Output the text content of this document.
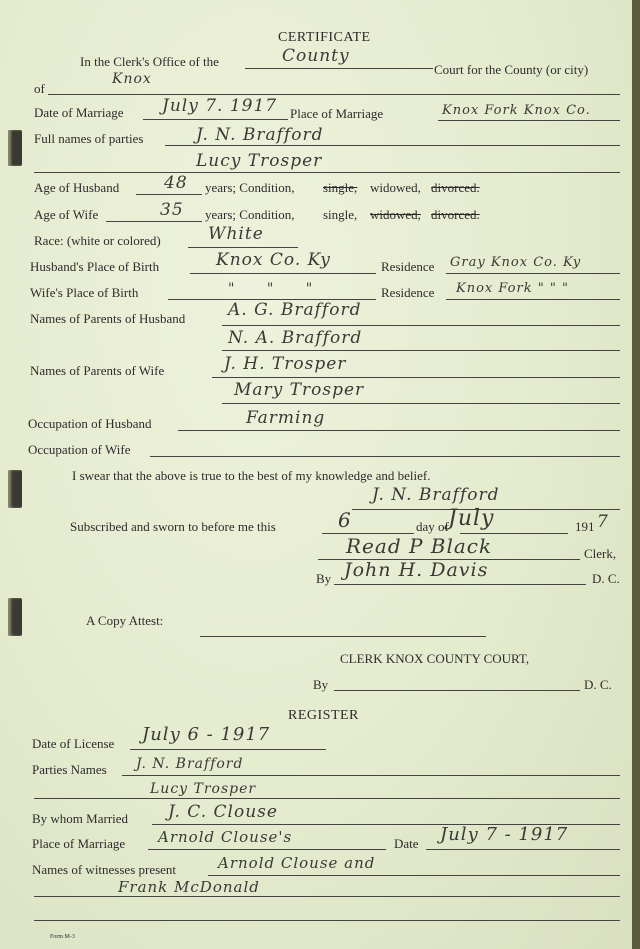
CERTIFICATE
In the Clerk's Office of the	County
Court for the County (or city)
of
Knox
Date of Marriage July 7. 1917 Place of Marriage	Knox Fork Knox Co.
Full names of parties	J. N. Brafford
Lucy Trosper
Age of Husband	48 years; Condition, single, widowed, divorced.
Age of Wife	35 years; Condition, single, widowed, divorced.
Race: (white or colored)	White
Husband's Place of Birth	Knox Co. Ky	Residence Gray Knox Co. Ky
Wife's Place of Birth	" " "	Residence Knox Fork " " "
Names of Parents of Husband	A. G. Brafford
N. A. Brafford
Names of Parents of Wife	J. H. Trosper
Mary Trosper
Occupation of Husband	Farming
Occupation of Wife
I swear that the above is true to the best of my knowledge and belief.
J. N. Brafford
Subscribed and sworn to before me this	6	day of July	191 7
Read P Black	Clerk,
By John H. Davis	D. C.
A Copy Attest:
CLERK KNOX COUNTY COURT,
By	D. C.
REGISTER
Date of License July 6 - 1917
Parties Names J. N. Brafford
Lucy Trosper
By whom Married J. C. Clouse
Place of Marriage Arnold Clouse's	Date July 7 - 1917
Names of witnesses present	Arnold Clouse and
Frank McDonald
Form M-3
